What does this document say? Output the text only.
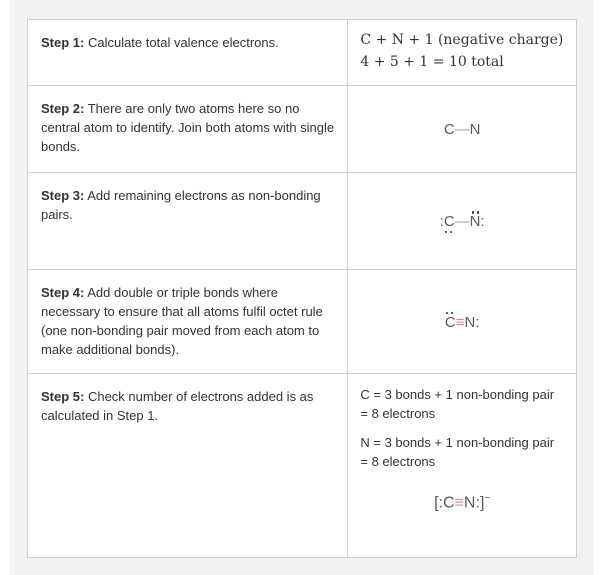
Step 1: Calculate total valence electrons.	C + N + 1 (negative charge)
4 + 5 + 1 = 10 total

Step 2: There are only two atoms here so no central atom to identify. Join both atoms with single bonds.	C — N

Step 3: Add remaining electrons as non-bonding pairs.	: C — N :

Step 4: Add double or triple bonds where necessary to ensure that all atoms fulfil octet rule (one non-bonding pair moved from each atom to make additional bonds).	C ≡ N :

Step 5: Check number of electrons added is as calculated in Step 1.	C = 3 bonds + 1 non-bonding pair = 8 electrons
N = 3 bonds + 1 non-bonding pair = 8 electrons
[:C≡N:]−
